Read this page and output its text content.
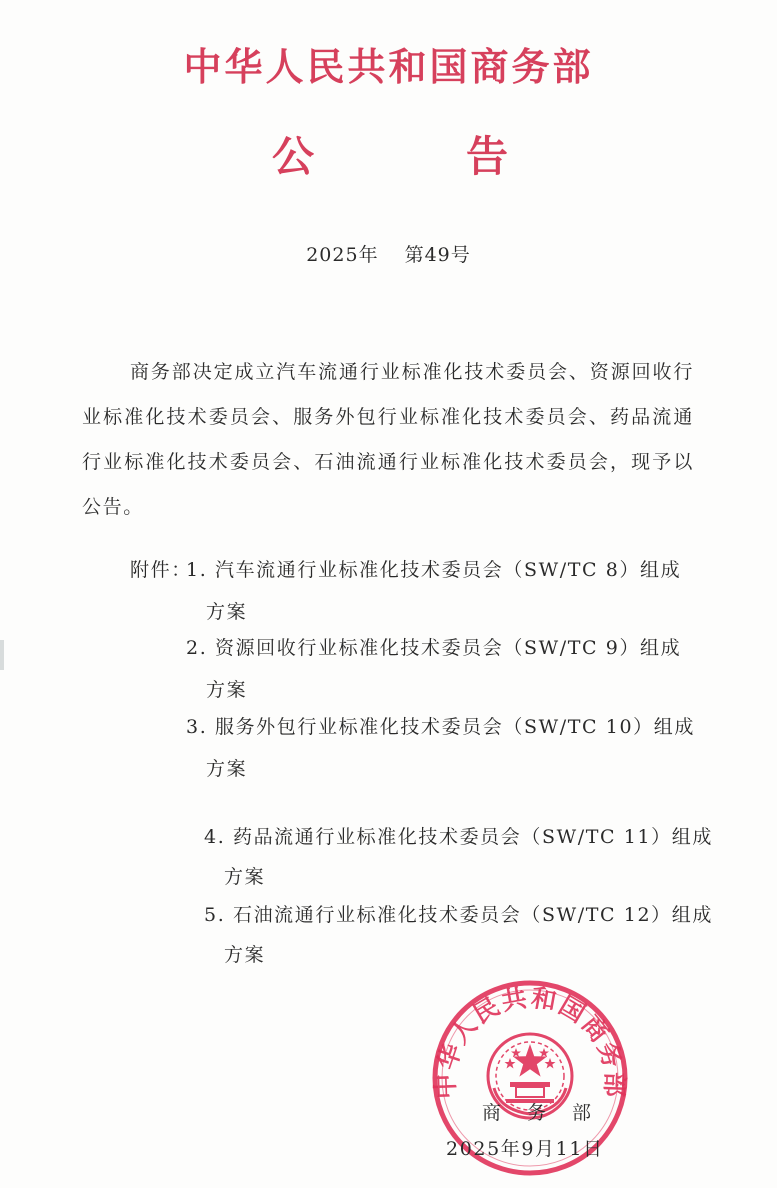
中华人民共和国商务部
公	告
2025年 第49号
商务部决定成立汽车流通行业标准化技术委员会、资源回收行业标准化技术委员会、服务外包行业标准化技术委员会、药品流通行业标准化技术委员会、石油流通行业标准化技术委员会，现予以公告。
附件：
1. 汽车流通行业标准化技术委员会（SW/TC 8）组成
方案
2. 资源回收行业标准化技术委员会（SW/TC 9）组成
方案
3. 服务外包行业标准化技术委员会（SW/TC 10）组成
方案
4. 药品流通行业标准化技术委员会（SW/TC 11）组成
方案
5. 石油流通行业标准化技术委员会（SW/TC 12）组成
方案
中华人民共和国商务部
商务部
2025年9月11日
